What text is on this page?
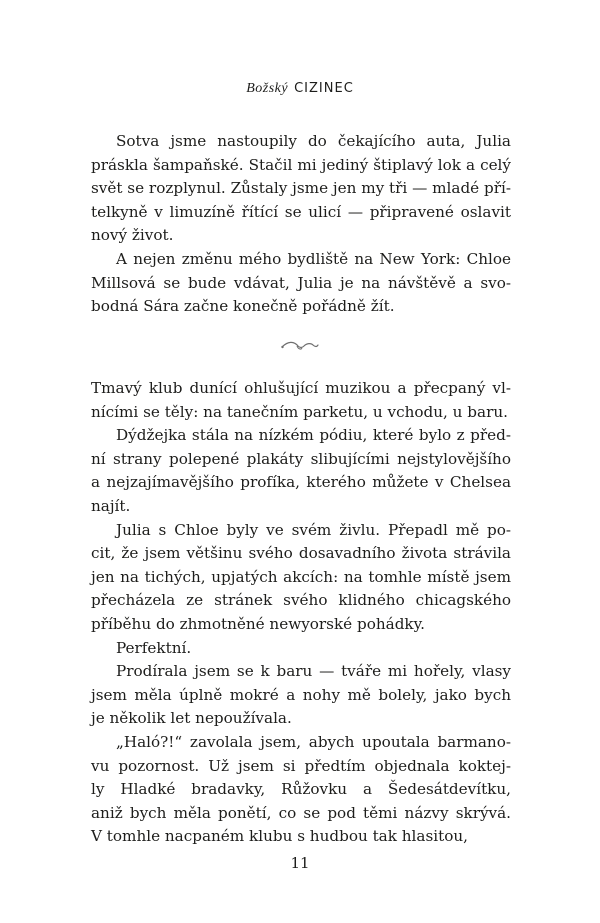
Božský CIZINEC

Sotva jsme nastoupily do čekajícího auta, Julia
práskla šampaňské. Stačil mi jediný štiplavý lok a celý
svět se rozplynul. Zůstaly jsme jen my tři — mladé pří-
telkyně v limuzíně řítící se ulicí — připravené oslavit
nový život.

A nejen změnu mého bydliště na New York: Chloe
Millsová se bude vdávat, Julia je na návštěvě a svo-
bodná Sára začne konečně pořádně žít.

Tmavý klub dunící ohlušující muzikou a přecpaný vl-
nícími se těly: na tanečním parketu, u vchodu, u baru.

Dýdžejka stála na nízkém pódiu, které bylo z před-
ní strany polepené plakáty slibujícími nejstylovějšího
a nejzajímavějšího profíka, kterého můžete v Chelsea
najít.

Julia s Chloe byly ve svém živlu. Přepadl mě po-
cit, že jsem většinu svého dosavadního života strávila
jen na tichých, upjatých akcích: na tomhle místě jsem
přecházela ze stránek svého klidného chicagského
příběhu do zhmotněné newyorské pohádky.

Perfektní.

Prodírala jsem se k baru — tváře mi hořely, vlasy
jsem měla úplně mokré a nohy mě bolely, jako bych
je několik let nepoužívala.

„Haló?!“ zavolala jsem, abych upoutala barmano-
vu pozornost. Už jsem si předtím objednala koktej-
ly Hladké bradavky, Růžovku a Šedesátdevítku,
aniž bych měla ponětí, co se pod těmi názvy skrývá.
V tomhle nacpaném klubu s hudbou tak hlasitou,

11
